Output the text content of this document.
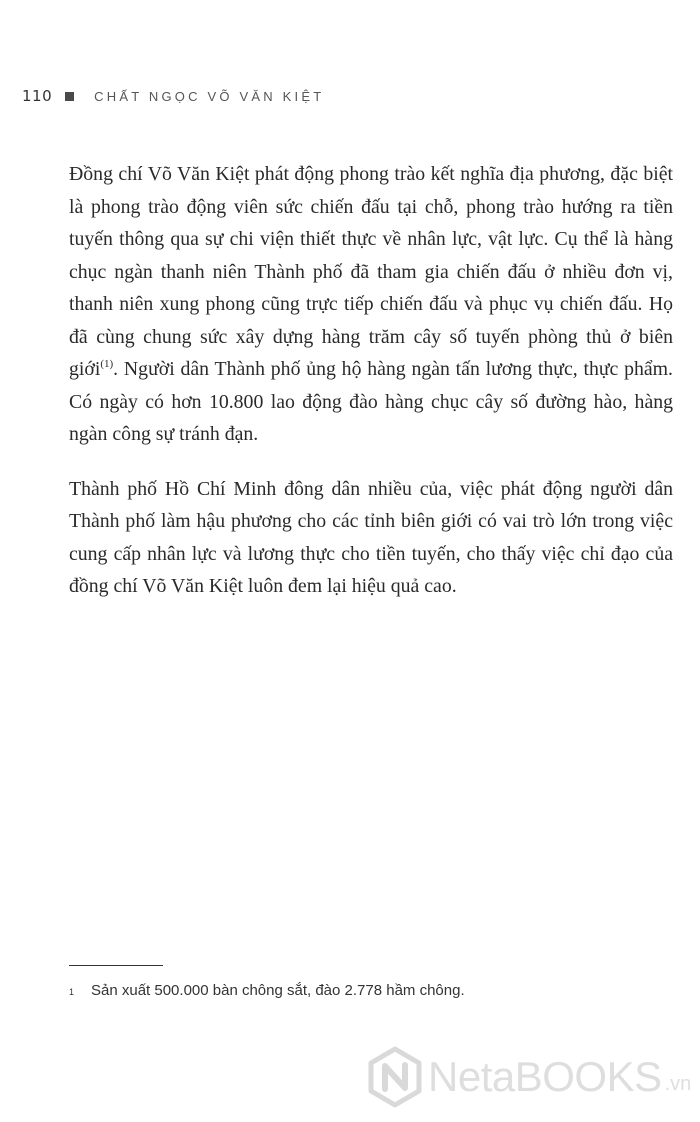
110	CHẤT NGỌC VÕ VĂN KIỆT

Đồng chí Võ Văn Kiệt phát động phong trào kết nghĩa địa phương, đặc biệt là phong trào động viên sức chiến đấu tại chỗ, phong trào hướng ra tiền tuyến thông qua sự chi viện thiết thực về nhân lực, vật lực. Cụ thể là hàng chục ngàn thanh niên Thành phố đã tham gia chiến đấu ở nhiều đơn vị, thanh niên xung phong cũng trực tiếp chiến đấu và phục vụ chiến đấu. Họ đã cùng chung sức xây dựng hàng trăm cây số tuyến phòng thủ ở biên giới$^{(1)}$. Người dân Thành phố ủng hộ hàng ngàn tấn lương thực, thực phẩm. Có ngày có hơn 10.800 lao động đào hàng chục cây số đường hào, hàng ngàn công sự tránh đạn.

Thành phố Hồ Chí Minh đông dân nhiều của, việc phát động người dân Thành phố làm hậu phương cho các tỉnh biên giới có vai trò lớn trong việc cung cấp nhân lực và lương thực cho tiền tuyến, cho thấy việc chỉ đạo của đồng chí Võ Văn Kiệt luôn đem lại hiệu quả cao.

1	Sản xuất 500.000 bàn chông sắt, đào 2.778 hầm chông.
NetaBOOKS .vn
